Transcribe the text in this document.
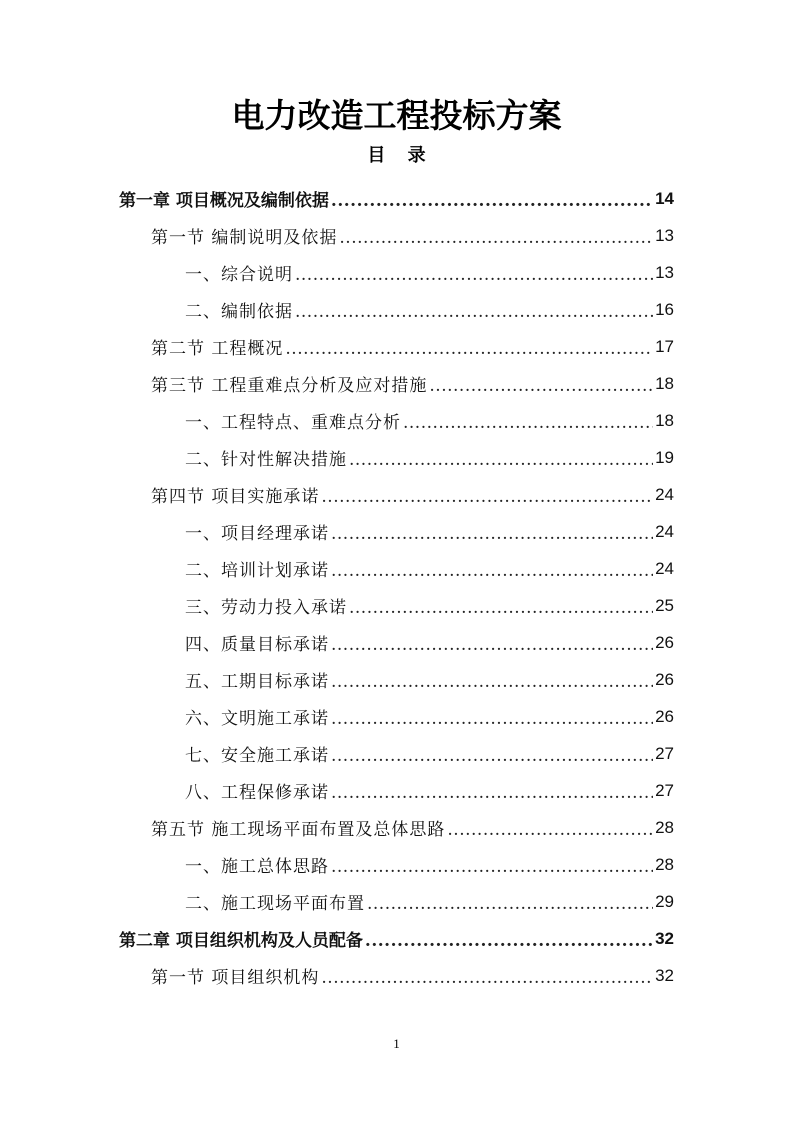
电力改造工程投标方案
目 录
第一章 项目概况及编制依据 .....	14
第一节 编制说明及依据 .....	13
一、综合说明 .....	13
二、编制依据 .....	16
第二节 工程概况 .....	17
第三节 工程重难点分析及应对措施 .....	18
一、工程特点、重难点分析 .....	18
二、针对性解决措施 .....	19
第四节 项目实施承诺 .....	24
一、项目经理承诺 .....	24
二、培训计划承诺 .....	24
三、劳动力投入承诺 .....	25
四、质量目标承诺 .....	26
五、工期目标承诺 .....	26
六、文明施工承诺 .....	26
七、安全施工承诺 .....	27
八、工程保修承诺 .....	27
第五节 施工现场平面布置及总体思路 .....	28
一、施工总体思路 .....	28
二、施工现场平面布置 .....	29
第二章 项目组织机构及人员配备 .....	32
第一节 项目组织机构 .....	32
1
